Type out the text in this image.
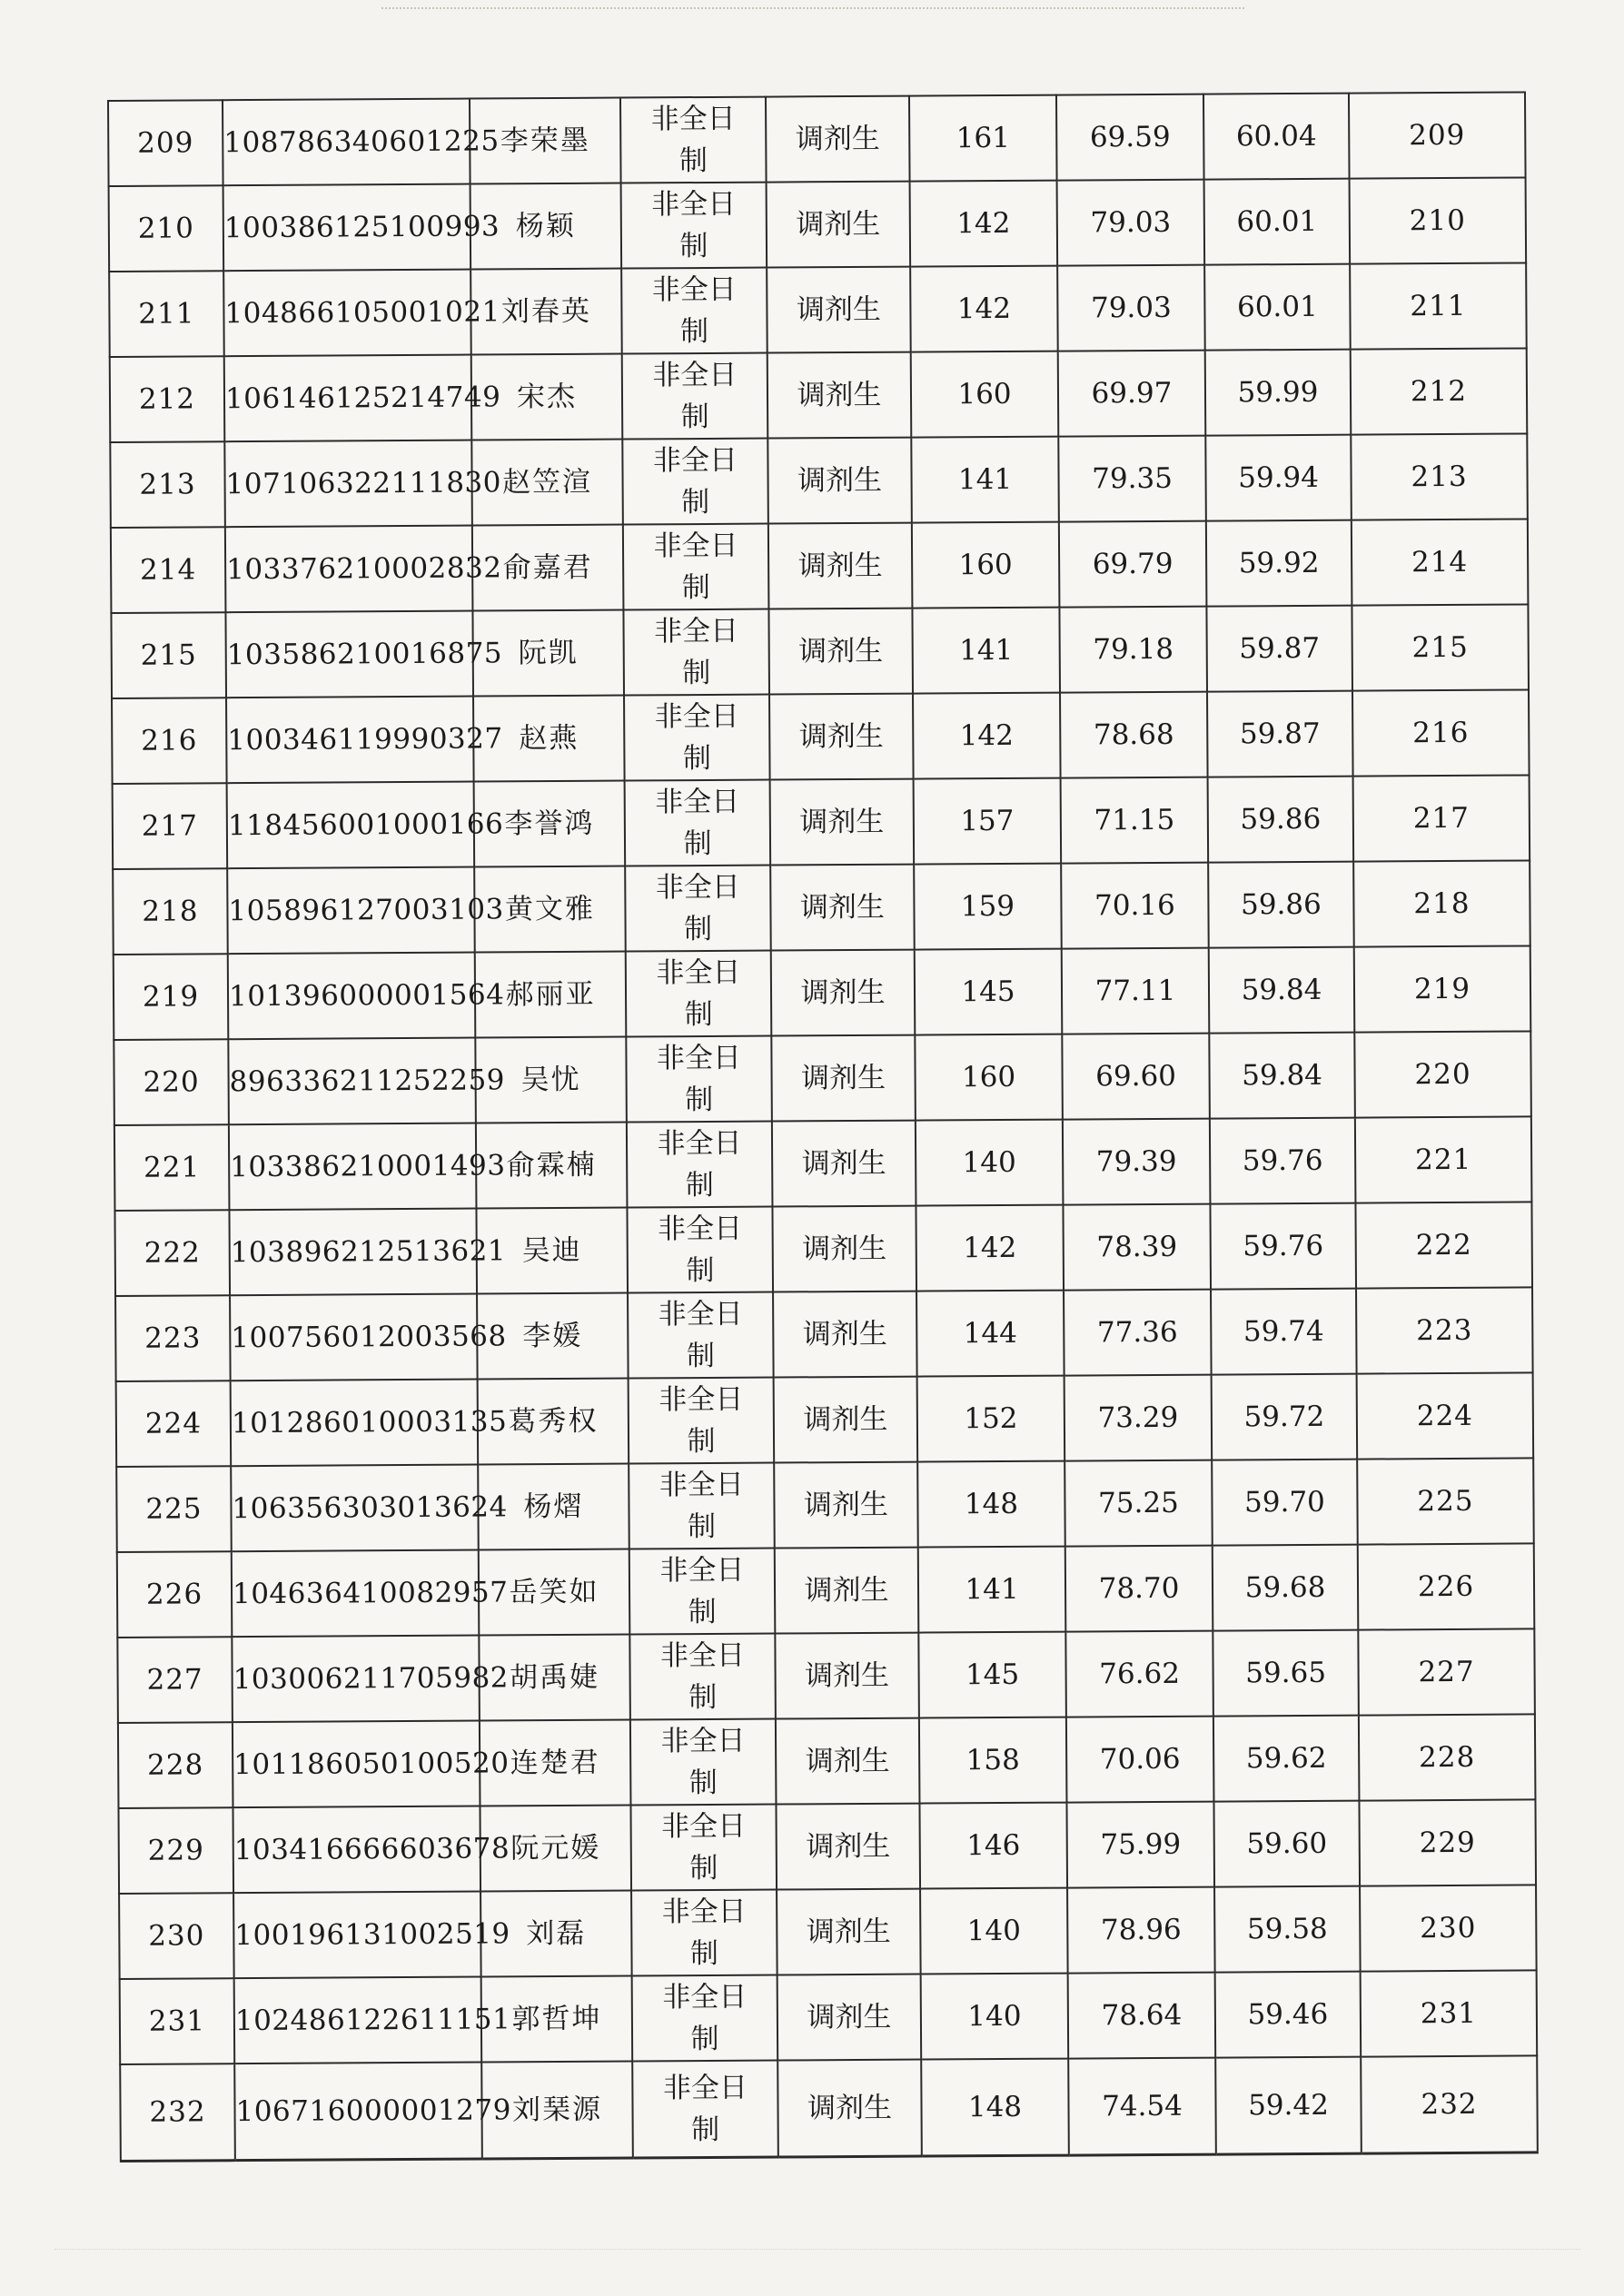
209	108786340601225	李荣墨	非全日制	调剂生	161	69.59	60.04	209
210	100386125100993	杨颖	非全日制	调剂生	142	79.03	60.01	210
211	104866105001021	刘春英	非全日制	调剂生	142	79.03	60.01	211
212	106146125214749	宋杰	非全日制	调剂生	160	69.97	59.99	212
213	107106322111830	赵笠渲	非全日制	调剂生	141	79.35	59.94	213
214	103376210002832	俞嘉君	非全日制	调剂生	160	69.79	59.92	214
215	103586210016875	阮凯	非全日制	调剂生	141	79.18	59.87	215
216	100346119990327	赵燕	非全日制	调剂生	142	78.68	59.87	216
217	118456001000166	李誉鸿	非全日制	调剂生	157	71.15	59.86	217
218	105896127003103	黄文雅	非全日制	调剂生	159	70.16	59.86	218
219	101396000001564	郝丽亚	非全日制	调剂生	145	77.11	59.84	219
220	896336211252259	吴忧	非全日制	调剂生	160	69.60	59.84	220
221	103386210001493	俞霖楠	非全日制	调剂生	140	79.39	59.76	221
222	103896212513621	吴迪	非全日制	调剂生	142	78.39	59.76	222
223	100756012003568	李媛	非全日制	调剂生	144	77.36	59.74	223
224	101286010003135	葛秀权	非全日制	调剂生	152	73.29	59.72	224
225	106356303013624	杨熠	非全日制	调剂生	148	75.25	59.70	225
226	104636410082957	岳笑如	非全日制	调剂生	141	78.70	59.68	226
227	103006211705982	胡禹婕	非全日制	调剂生	145	76.62	59.65	227
228	101186050100520	连楚君	非全日制	调剂生	158	70.06	59.62	228
229	103416666603678	阮元媛	非全日制	调剂生	146	75.99	59.60	229
230	100196131002519	刘磊	非全日制	调剂生	140	78.96	59.58	230
231	102486122611151	郭哲坤	非全日制	调剂生	140	78.64	59.46	231
232	106716000001279	刘琹源	非全日制	调剂生	148	74.54	59.42	232
